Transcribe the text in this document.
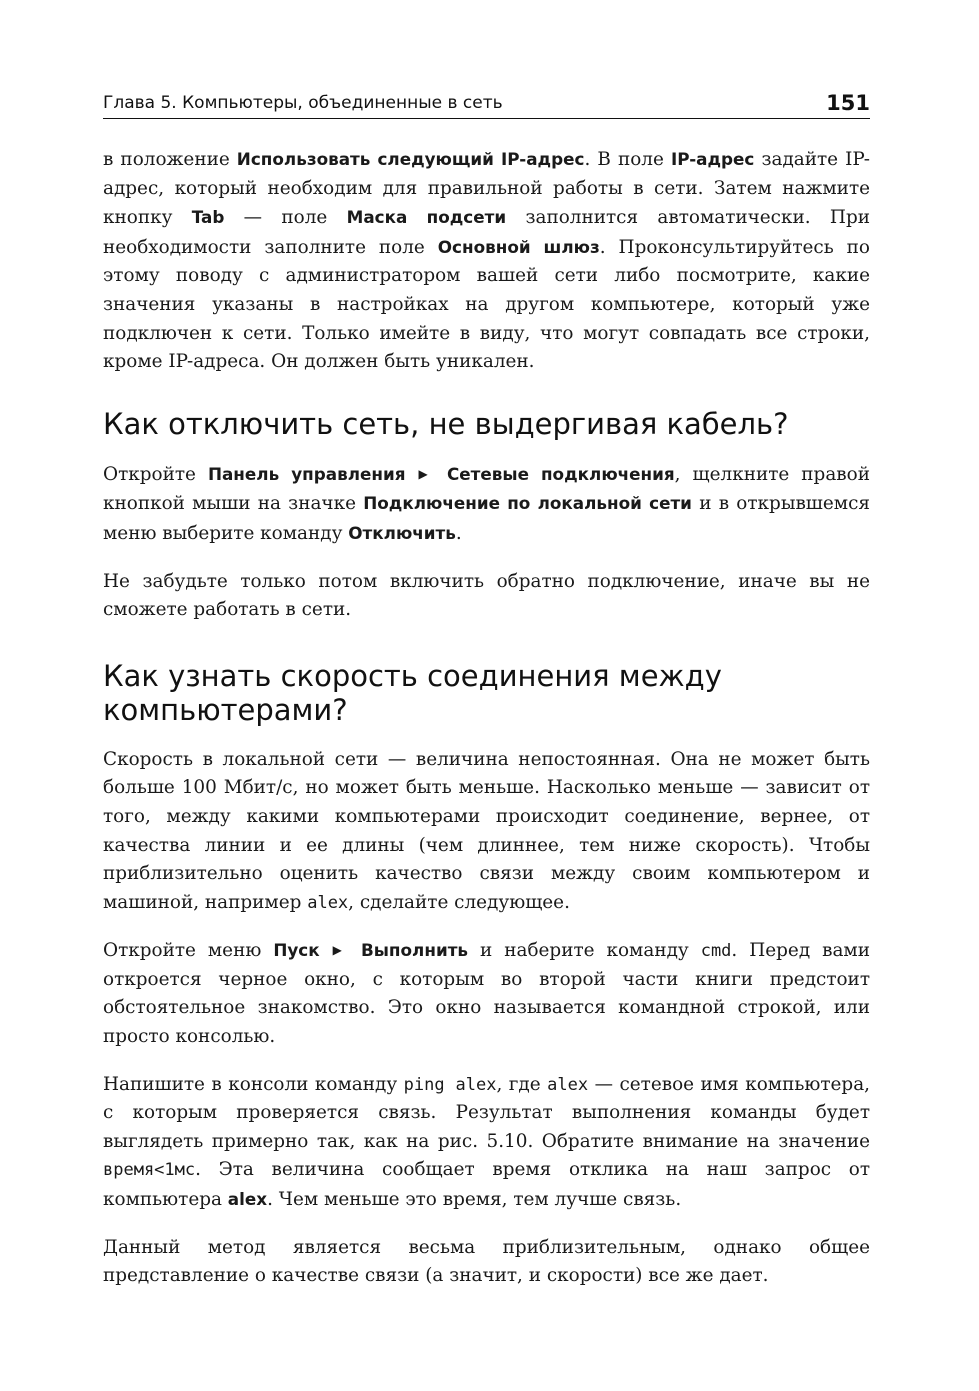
Глава 5. Компьютеры, объединенные в сеть	151

в положение Использовать следующий IP-адрес. В поле IP-адрес задайте IP-адрес, который необходим для правильной работы в сети. Затем нажмите кнопку Tab — поле Маска подсети заполнится автоматически. При необходимости заполните поле Основной шлюз. Проконсультируйтесь по этому поводу с администратором вашей сети либо посмотрите, какие значения указаны в настройках на другом компьютере, который уже подключен к сети. Только имейте в виду, что могут совпадать все строки, кроме IP-адреса. Он должен быть уникален.

Как отключить сеть, не выдергивая кабель?

Откройте Панель управления ▶ Сетевые подключения, щелкните правой кнопкой мыши на значке Подключение по локальной сети и в открывшемся меню выберите команду Отключить.

Не забудьте только потом включить обратно подключение, иначе вы не сможете работать в сети.

Как узнать скорость соединения между компьютерами?

Скорость в локальной сети — величина непостоянная. Она не может быть больше 100 Мбит/с, но может быть меньше. Насколько меньше — зависит от того, между какими компьютерами происходит соединение, вернее, от качества линии и ее длины (чем длиннее, тем ниже скорость). Чтобы приблизительно оценить качество связи между своим компьютером и машиной, например alex, сделайте следующее.

Откройте меню Пуск ▶ Выполнить и наберите команду cmd. Перед вами откроется черное окно, с которым во второй части книги предстоит обстоятельное знакомство. Это окно называется командной строкой, или просто консолью.

Напишите в консоли команду ping alex, где alex — сетевое имя компьютера, с которым проверяется связь. Результат выполнения команды будет выглядеть примерно так, как на рис. 5.10. Обратите внимание на значение время<1мс. Эта величина сообщает время отклика на наш запрос от компьютера alex. Чем меньше это время, тем лучше связь.

Данный метод является весьма приблизительным, однако общее представление о качестве связи (а значит, и скорости) все же дает.
